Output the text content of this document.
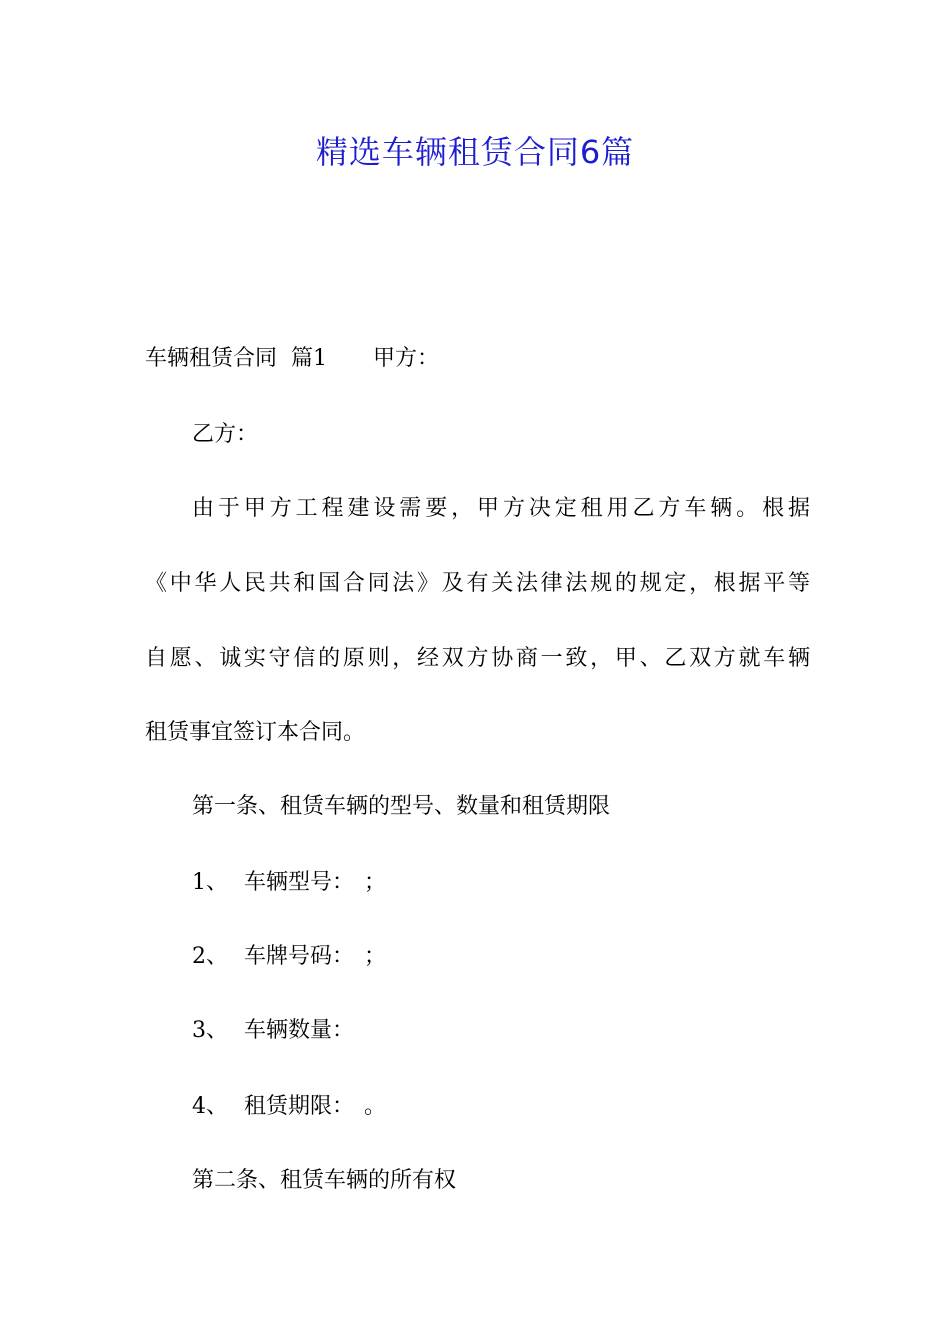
精选车辆租赁合同6篇
车辆租赁合同 篇1 甲方：
乙方：
由于甲方工程建设需要，甲方决定租用乙方车辆。根据
《中华人民共和国合同法》及有关法律法规的规定，根据平等
自愿、诚实守信的原则，经双方协商一致，甲、乙双方就车辆
租赁事宜签订本合同。
第一条、租赁车辆的型号、数量和租赁期限
1、 车辆型号： ；
2、 车牌号码： ；
3、 车辆数量：
4、 租赁期限： 。
第二条、租赁车辆的所有权
